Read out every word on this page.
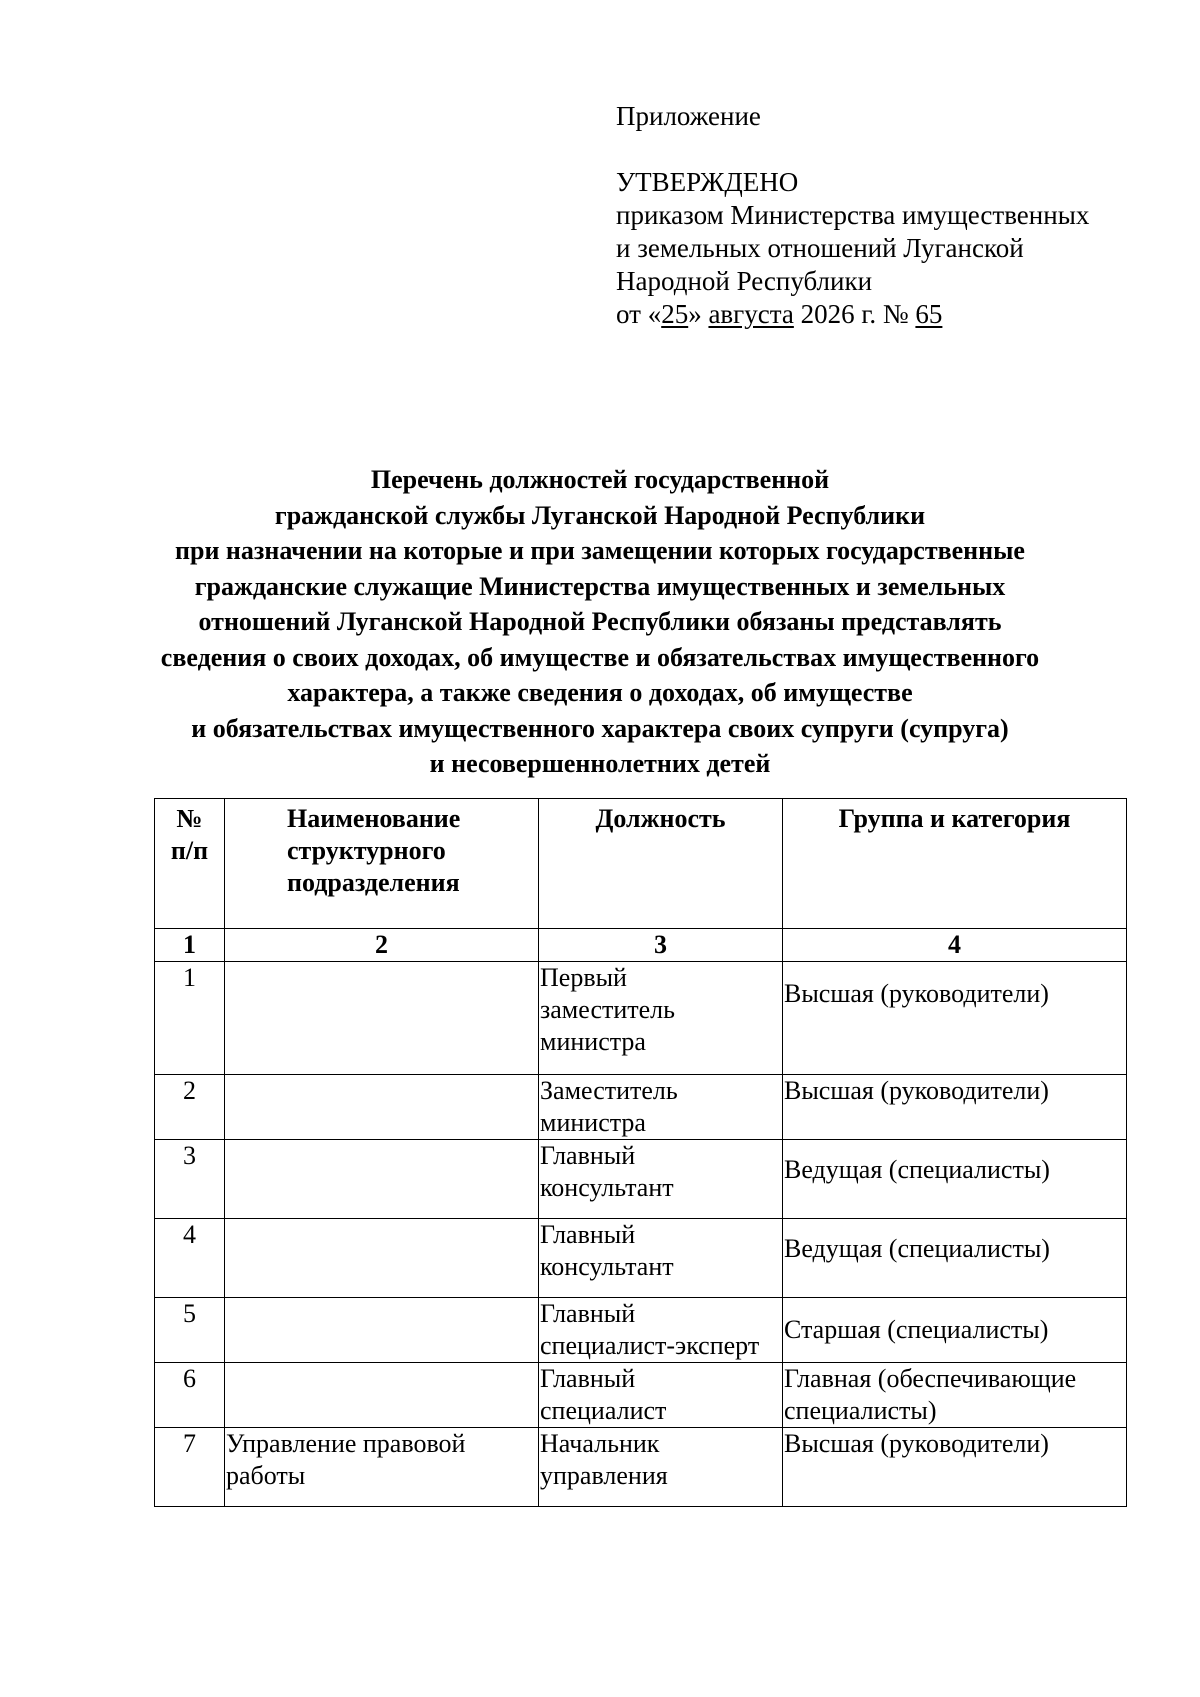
Приложение
УТВЕРЖДЕНО
приказом Министерства имущественных
и земельных отношений Луганской
Народной Республики
от «25» августа 2026 г. № 65
Перечень должностей государственной
гражданской службы Луганской Народной Республики
при назначении на которые и при замещении которых государственные
гражданские служащие Министерства имущественных и земельных
отношений Луганской Народной Республики обязаны представлять
сведения о своих доходах, об имуществе и обязательствах имущественного
характера, а также сведения о доходах, об имуществе
и обязательствах имущественного характера своих супруги (супруга)
и несовершеннолетних детей
№
п/п	Наименование
структурного
подразделения	Должность	Группа и категория
1	2	3	4
1		Первый
заместитель
министра	Высшая (руководители)

2		Заместитель
министра	Высшая (руководители)

3		Главный
консультант	Ведущая (специалисты)

4		Главный
консультант	Ведущая (специалисты)

5		Главный
специалист-эксперт	Старшая (специалисты)

6		Главный
специалист	Главная (обеспечивающие
специалисты)

7	Управление правовой
работы	Начальник
управления	Высшая (руководители)
